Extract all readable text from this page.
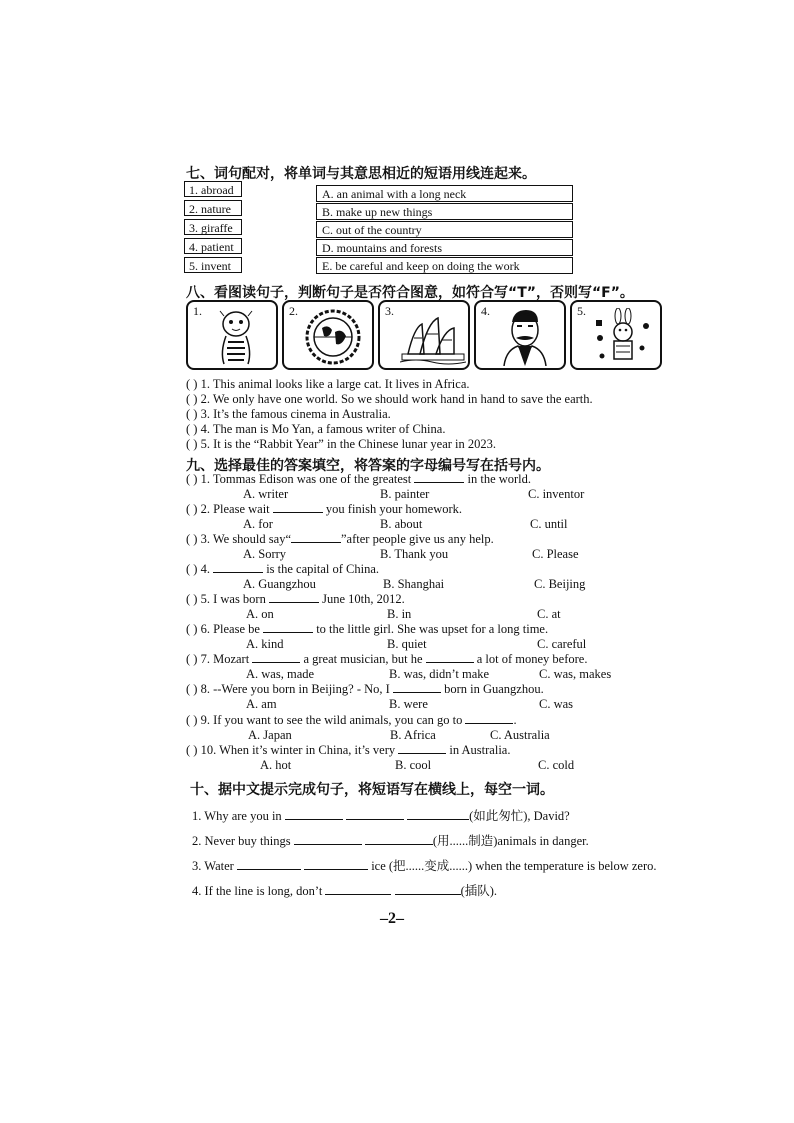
七、词句配对，将单词与其意思相近的短语用线连起来。
1. abroad
2. nature
3. giraffe
4. patient
5. invent
A. an animal with a long neck
B. make up new things
C. out of the country
D. mountains and forests
E. be careful and keep on doing the work
八、看图读句子，判断句子是否符合图意，如符合写“T”，否则写“F”。
1.	2.	3.	4.	5.
( ) 1. This animal looks like a large cat. It lives in Africa.
( ) 2. We only have one world. So we should work hand in hand to save the earth.
( ) 3. It’s the famous cinema in Australia.
( ) 4. The man is Mo Yan, a famous writer of China.
( ) 5. It is the “Rabbit Year” in the Chinese lunar year in 2023.
九、选择最佳的答案填空，将答案的字母编号写在括号内。
( ) 1. Tommas Edison was one of the greatest	in the world.
A. writer	B. painter	C. inventor
( ) 2. Please wait	you finish your homework.
A. for	B. about	C. until
( ) 3. We should say“	”after people give us any help.
A. Sorry	B. Thank you	C. Please
( ) 4.	is the capital of China.
A. Guangzhou	B. Shanghai	C. Beijing
( ) 5. I was born	June 10th, 2012.
A. on	B. in	C. at
( ) 6. Please be	to the little girl. She was upset for a long time.
A. kind	B. quiet	C. careful
( ) 7. Mozart	a great musician, but he	a lot of money before.
A. was, made	B. was, didn’t make	C. was, makes
( ) 8. --Were you born in Beijing? - No, I	born in Guangzhou.
A. am	B. were	C. was
( ) 9. If you want to see the wild animals, you can go to	.
A. Japan	B. Africa	C. Australia
( ) 10. When it’s winter in China, it’s very	in Australia.
A. hot	B. cool	C. cold
十、据中文提示完成句子，将短语写在横线上，每空一词。
1. Why are you in	(如此匆忙), David?
2. Never buy things	(用......制造)animals in danger.
3. Water	ice (把......变成......) when the temperature is below zero.
4. If the line is long, don’t	(插队).
–2–
